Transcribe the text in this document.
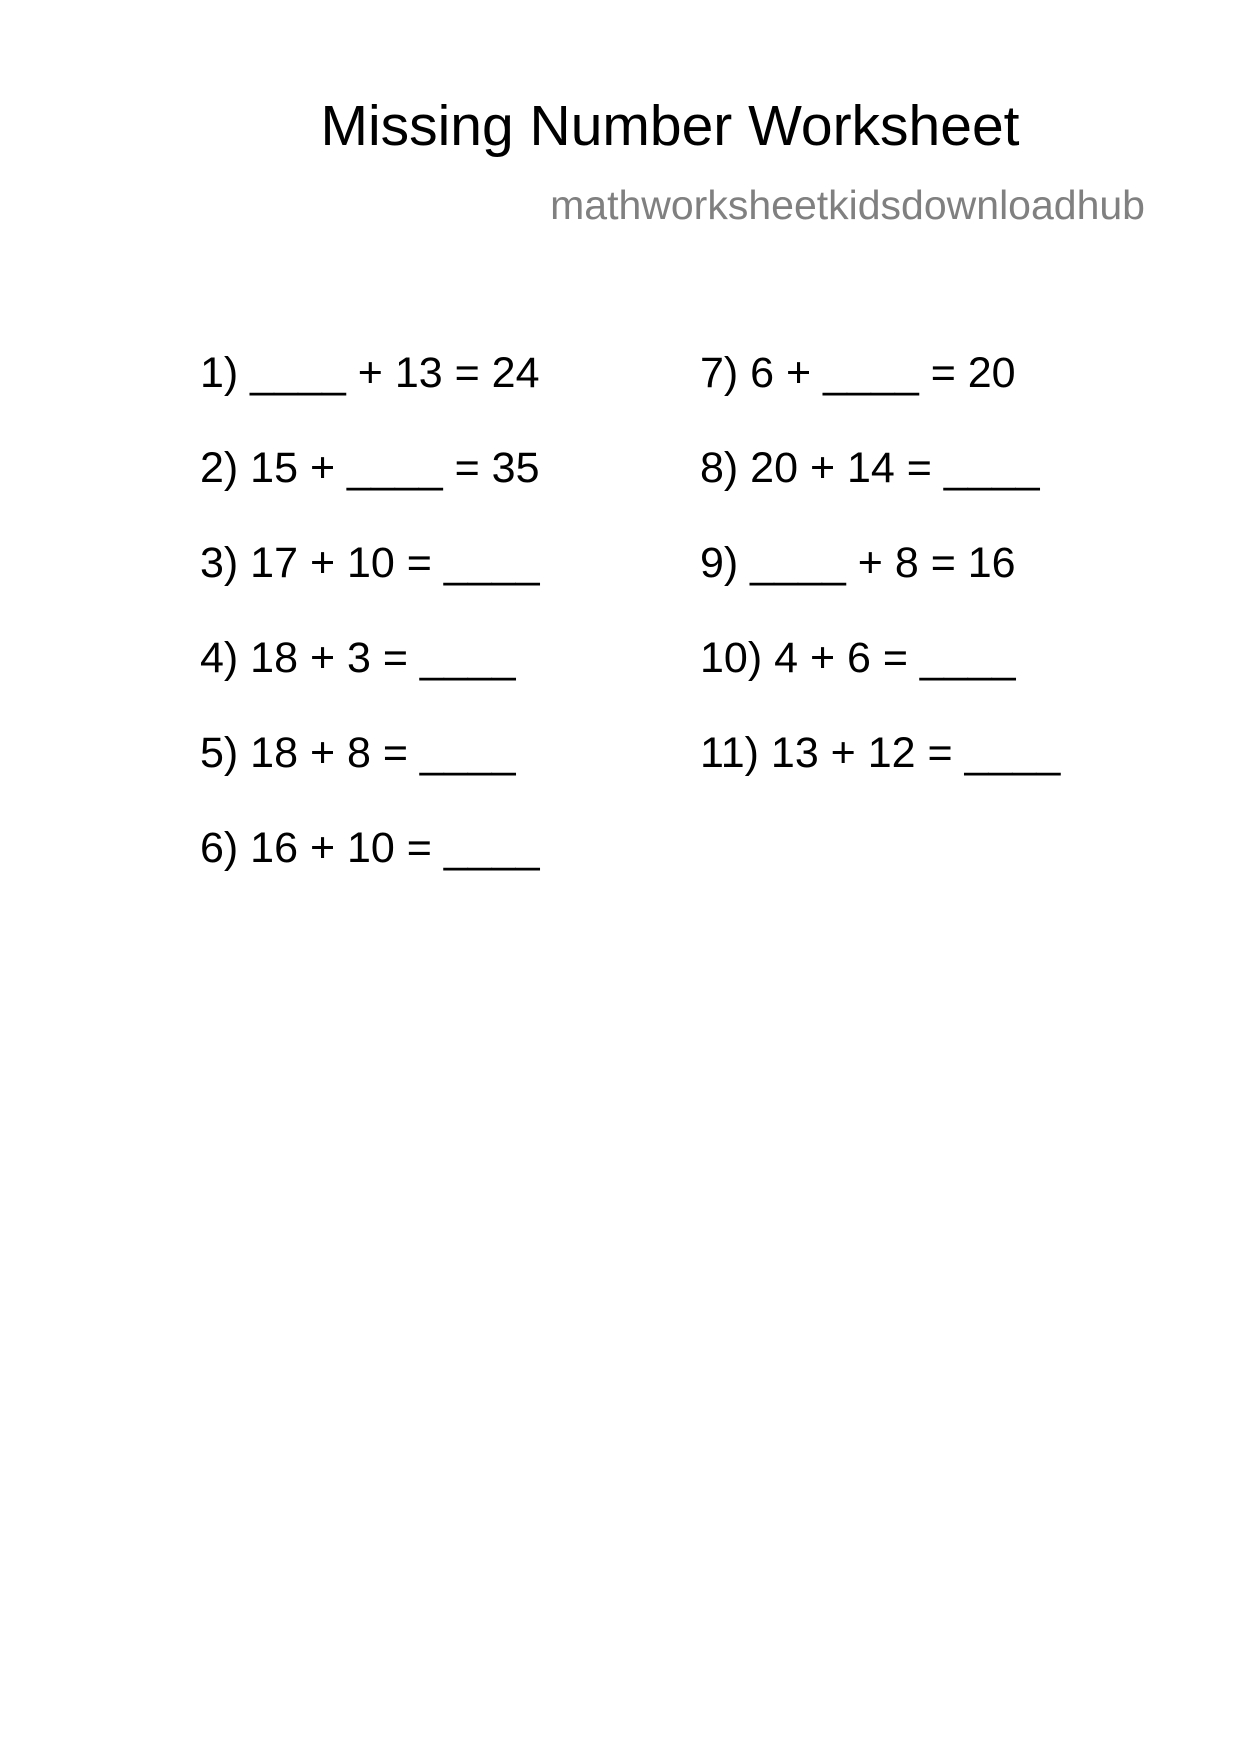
Missing Number Worksheet
mathworksheetkidsdownloadhub
1) ____ + 13 = 24
2) 15 + ____ = 35
3) 17 + 10 = ____
4) 18 + 3 = ____
5) 18 + 8 = ____
6) 16 + 10 = ____
7) 6 + ____ = 20
8) 20 + 14 = ____
9) ____ + 8 = 16
10) 4 + 6 = ____
11) 13 + 12 = ____
